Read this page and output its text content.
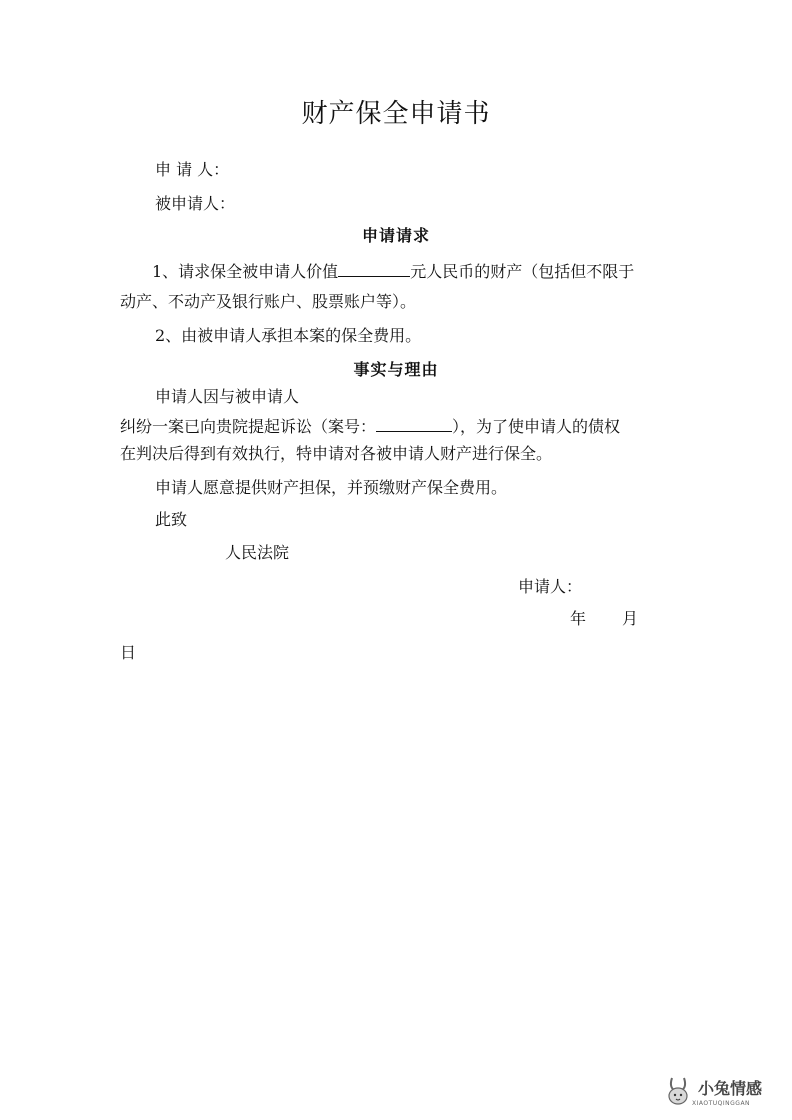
财产保全申请书
申 请 人：
被申请人：
申请请求
1、请求保全被申请人价值	元人民币的财产（包括但不限于
动产、不动产及银行账户、股票账户等）。
2、由被申请人承担本案的保全费用。
事实与理由
申请人因与被申请人
纠纷一案已向贵院提起诉讼（案号：	），为了使申请人的债权
在判决后得到有效执行，特申请对各被申请人财产进行保全。
申请人愿意提供财产担保，并预缴财产保全费用。
此致
人民法院
申请人：
年 月
日
小兔情感
XIAOTUQINGGAN
